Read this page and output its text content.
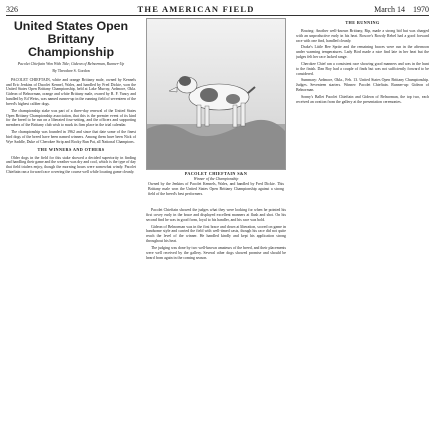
326	THE AMERICAN FIELD	March 14 1970
United States Open Brittany Championship
Pacolet Chieftain Won With Title; Gideon of Belnorman, Runner-Up
By Theodore S. Gordon

PACOLET CHIEFTAIN, white and orange Brittany male, owned by Kennels and Eric Jenkins of Dacolet Kennel, Wales, and handled by Fred Dickie, won the United States Open Brittany Championship, held at Lake Murray, Ardmore, Okla. Gideon of Belnorman, orange and white Brittany male, owned by R. F. Yancy and handled by Ed Weiss, was named runner-up in the running field of seventeen of the breed's highest caliber dogs.

The championship stake was part of a three-day renewal of the United States Open Brittany Championship association, that this is the premier event of its kind for the breed to be run on a liberated four-setting, and the officers and supporting members of the Brittany club wish to mark its firm place in the trial calendar.

The championship was founded in 1962 and since that date some of the finest bird dogs of the breed have been named winners. Among them have been Nick of Wye Saddle, Duke of Cherokee Strip and Rocky Run Pat, all National Champions.

THE WINNERS AND OTHERS

Older dogs in the field for this stake showed a decided superiority in finding and handling their game and the weather was dry and cool, which is the type of day that field trialers enjoy, though the morning hours were somewhat windy. Pacolet Chieftain ran a forward race covering the course well while locating game cleanly.	PACOLET CHIEFTAIN S&N
Winner of the Championship
Owned by the Jenkins of Pacolet Kennels, Wales, and handled by Fred Dickie. This Brittany male won the United States Open Brittany Championship against a strong field of the breed's best performers.

Pacolet Chieftain showed the judges what they were looking for when he pointed his first covey early in the brace and displayed excellent manners at flush and shot. On his second find he was in good form, loyal to his handler, and his race was bold.

Gideon of Belnorman was in the first brace and down at liberation, scored on game in handsome style and carried the field with well-timed casts, though his race did not quite reach the level of the winner. He handled kindly and kept his application strong throughout his heat.

The judging was done by two well-known amateurs of the breed, and their placements were well received by the gallery. Several other dogs showed promise and should be heard from again in the coming season.

THE RUNNING

Bracing: Another well-known Brittany, Rip, made a strong bid but was charged with an unproductive early in his heat. Roscoe's Rowdy Rebel had a good forward race with one find, handled cleanly.

Drake's Little Bee Sprite and the remaining braces were run in the afternoon under warming temperatures. Lady Bird made a nice find late in her heat but the judges felt her race lacked range.

Cherokee Chief ran a consistent race showing good manners and was in the hunt to the finish. Dan Boy had a couple of finds but was not sufficiently forward to be considered.

Summary: Ardmore, Okla., Feb. 13. United States Open Brittany Championship. Judges. Seventeen starters. Winner: Pacolet Chieftain. Runner-up: Gideon of Belnorman.

Sonny's Ballet Pacolet Chieftain and Gideon of Belnorman, the top two, each received an ovation from the gallery at the presentation ceremonies.
